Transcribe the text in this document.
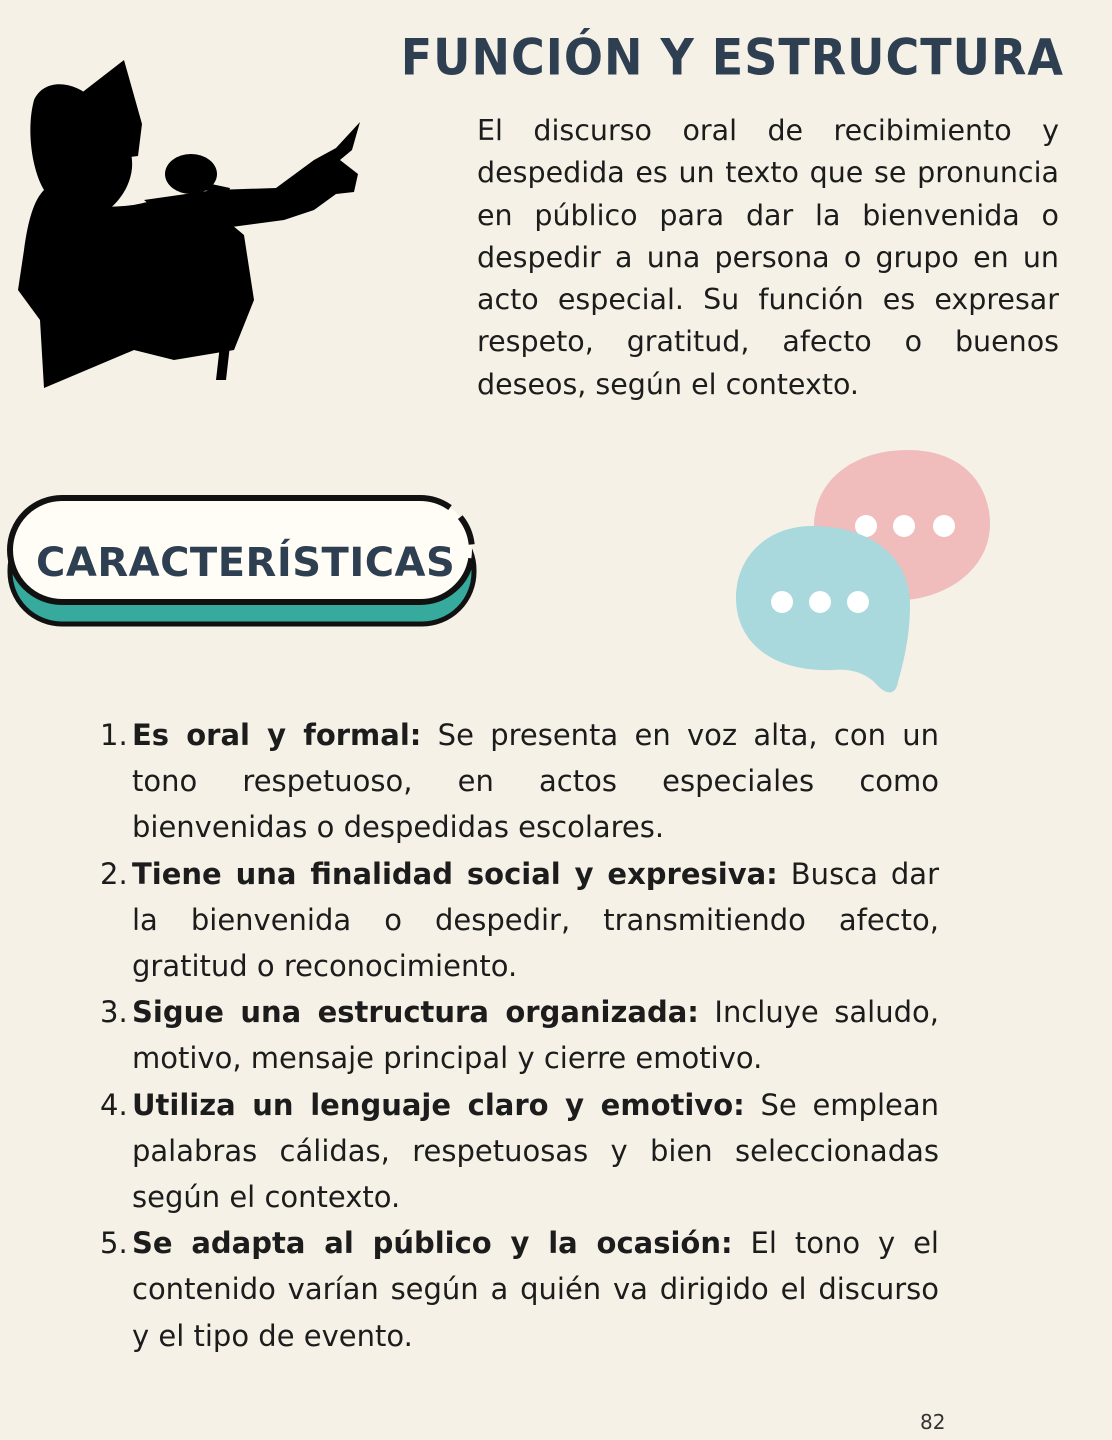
FUNCIÓN Y ESTRUCTURA

El discurso oral de recibimiento y despedida es un texto que se pronuncia en público para dar la bienvenida o despedir a una persona o grupo en un acto especial. Su función es expresar respeto, gratitud, afecto o buenos deseos, según el contexto.

CARACTERÍSTICAS
1. Es oral y formal: Se presenta en voz alta, con un tono respetuoso, en actos especiales como bienvenidas o despedidas escolares.
2. Tiene una finalidad social y expresiva: Busca dar la bienvenida o despedir, transmitiendo afecto, gratitud o reconocimiento.
3. Sigue una estructura organizada: Incluye saludo, motivo, mensaje principal y cierre emotivo.
4. Utiliza un lenguaje claro y emotivo: Se emplean palabras cálidas, respetuosas y bien seleccionadas según el contexto.
5. Se adapta al público y la ocasión: El tono y el contenido varían según a quién va dirigido el discurso y el tipo de evento.
82
